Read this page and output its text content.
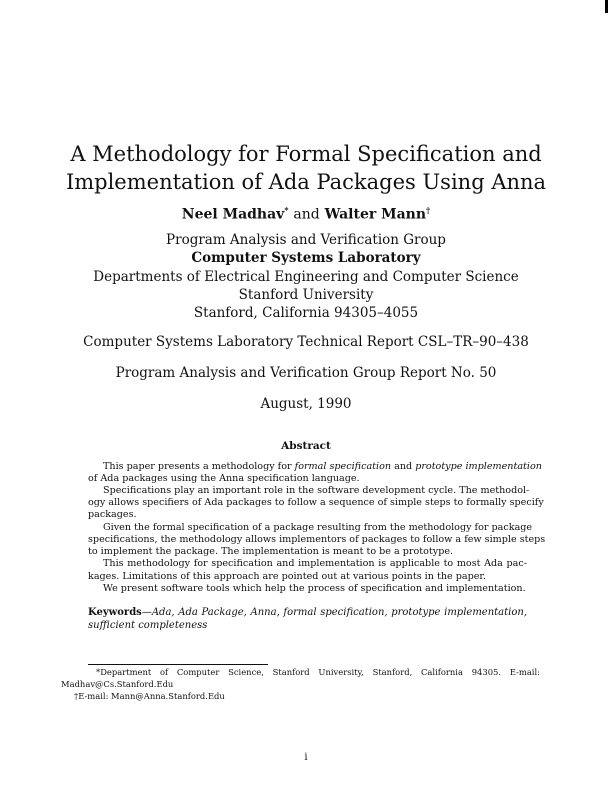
A Methodology for Formal Specification and
Implementation of Ada Packages Using Anna
Neel Madhav* and Walter Mann†
Program Analysis and Verification Group
Computer Systems Laboratory
Departments of Electrical Engineering and Computer Science
Stanford University
Stanford, California 94305–4055
Computer Systems Laboratory Technical Report CSL–TR–90–438
Program Analysis and Verification Group Report No. 50
August, 1990
Abstract
This paper presents a methodology for formal specification and prototype implementation
of Ada packages using the Anna specification language.
Specifications play an important role in the software development cycle. The methodol-
ogy allows specifiers of Ada packages to follow a sequence of simple steps to formally specify
packages.
Given the formal specification of a package resulting from the methodology for package
specifications, the methodology allows implementors of packages to follow a few simple steps
to implement the package. The implementation is meant to be a prototype.
This methodology for specification and implementation is applicable to most Ada pac-
kages. Limitations of this approach are pointed out at various points in the paper.
We present software tools which help the process of specification and implementation.
Keywords—Ada, Ada Package, Anna, formal specification, prototype implementation,
sufficient completeness
*Department of Computer Science, Stanford University, Stanford, California 94305. E-mail:
Madhav@Cs.Stanford.Edu
†E-mail: Mann@Anna.Stanford.Edu
i
